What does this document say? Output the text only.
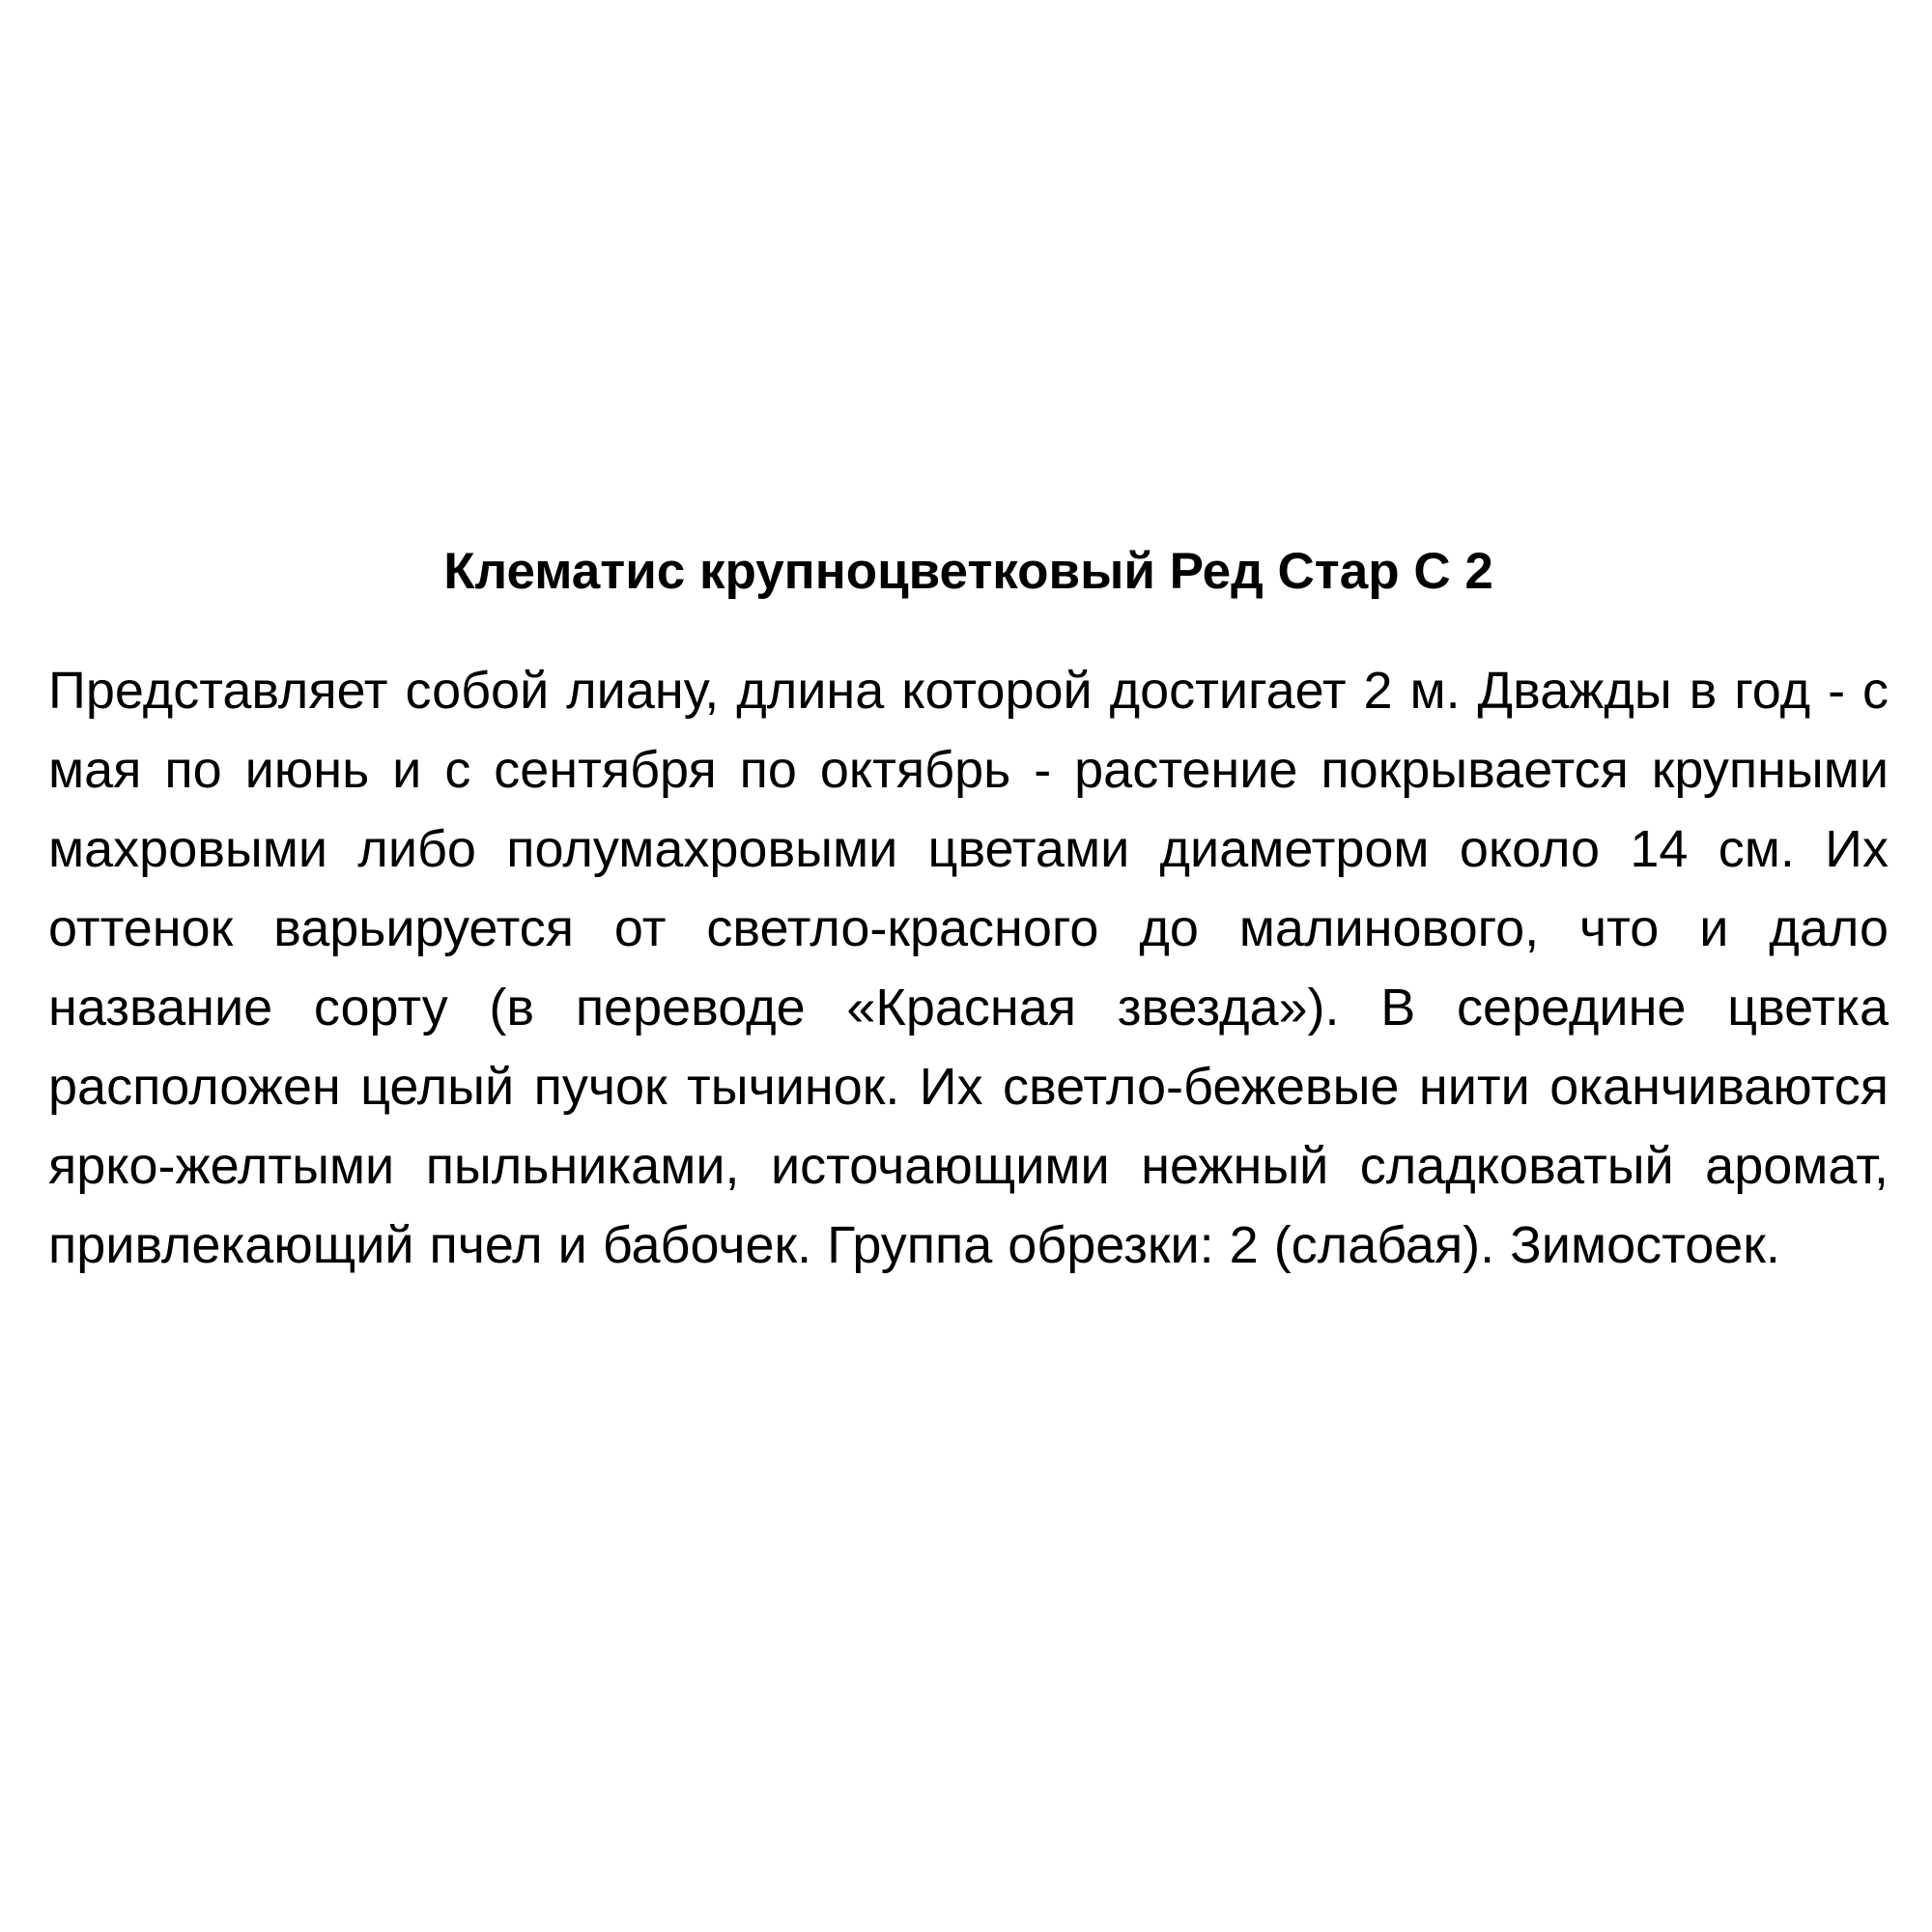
Клематис крупноцветковый Ред Стар С 2

Представляет собой лиану, длина которой достигает 2 м. Дважды в год - с мая по июнь и с сентября по октябрь - растение покрывается крупными махровыми либо полумахровыми цветами диаметром около 14 см. Их оттенок варьируется от светло-красного до малинового, что и дало название сорту (в переводе «Красная звезда»). В середине цветка расположен целый пучок тычинок. Их светло-бежевые нити оканчиваются ярко-желтыми пыльниками, источающими нежный сладковатый аромат, привлекающий пчел и бабочек. Группа обрезки: 2 (слабая). Зимостоек.
